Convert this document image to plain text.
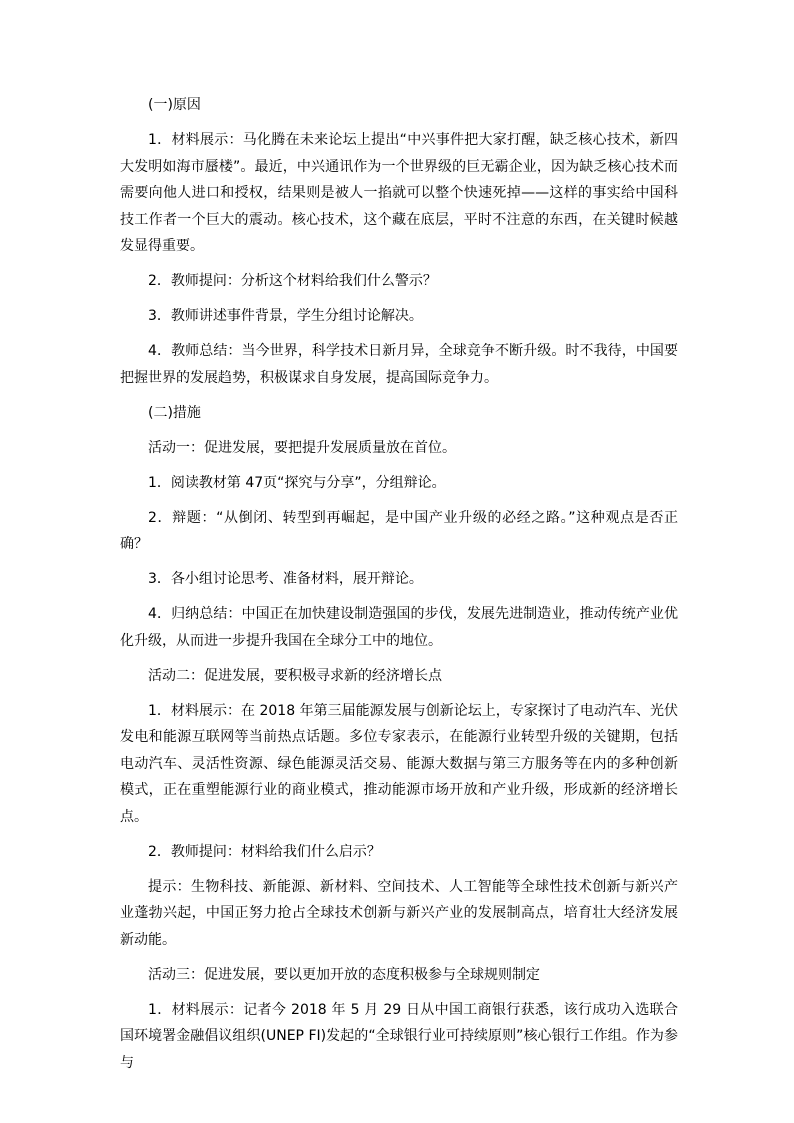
(一)原因

1．材料展示：马化腾在未来论坛上提出“中兴事件把大家打醒，缺乏核心技术，新四大发明如海市蜃楼”。最近，中兴通讯作为一个世界级的巨无霸企业，因为缺乏核心技术而需要向他人进口和授权，结果则是被人一掐就可以整个快速死掉——这样的事实给中国科技工作者一个巨大的震动。核心技术，这个藏在底层，平时不注意的东西，在关键时候越发显得重要。

2．教师提问：分析这个材料给我们什么警示？

3．教师讲述事件背景，学生分组讨论解决。

4．教师总结：当今世界，科学技术日新月异，全球竞争不断升级。时不我待，中国要把握世界的发展趋势，积极谋求自身发展，提高国际竞争力。

(二)措施

活动一：促进发展，要把提升发展质量放在首位。

1．阅读教材第 47页“探究与分享”，分组辩论。

2．辩题：“从倒闭、转型到再崛起，是中国产业升级的必经之路。”这种观点是否正确？

3．各小组讨论思考、准备材料，展开辩论。

4．归纳总结：中国正在加快建设制造强国的步伐，发展先进制造业，推动传统产业优化升级，从而进一步提升我国在全球分工中的地位。

活动二：促进发展，要积极寻求新的经济增长点

1．材料展示：在 2018 年第三届能源发展与创新论坛上，专家探讨了电动汽车、光伏发电和能源互联网等当前热点话题。多位专家表示，在能源行业转型升级的关键期，包括电动汽车、灵活性资源、绿色能源灵活交易、能源大数据与第三方服务等在内的多种创新模式，正在重塑能源行业的商业模式，推动能源市场开放和产业升级，形成新的经济增长点。

2．教师提问：材料给我们什么启示？

提示：生物科技、新能源、新材料、空间技术、人工智能等全球性技术创新与新兴产业蓬勃兴起，中国正努力抢占全球技术创新与新兴产业的发展制高点，培育壮大经济发展新动能。

活动三：促进发展，要以更加开放的态度积极参与全球规则制定

1．材料展示：记者今 2018 年 5 月 29 日从中国工商银行获悉，该行成功入选联合国环境署金融倡议组织(UNEP FI)发起的“全球银行业可持续原则”核心银行工作组。作为参与
